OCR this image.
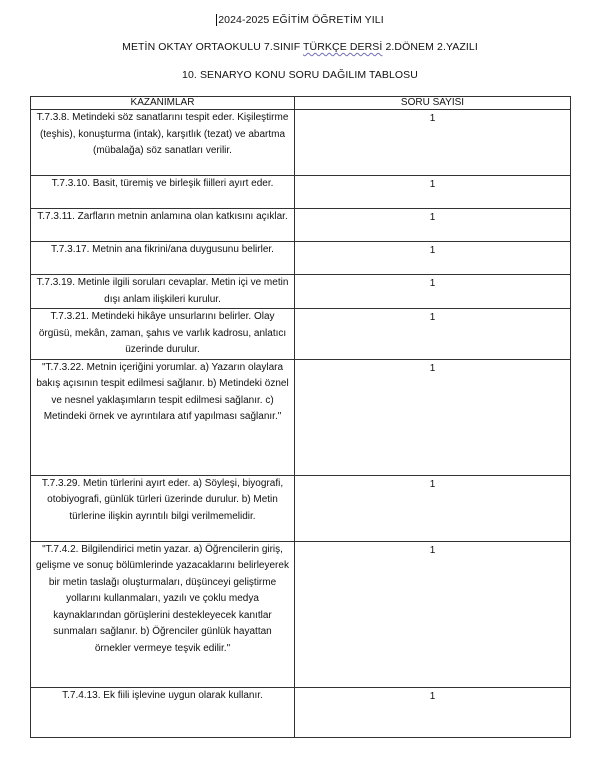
2024-2025 EĞİTİM ÖĞRETİM YILI
METİN OKTAY ORTAOKULU 7.SINIF TÜRKÇE DERSİ 2.DÖNEM 2.YAZILI
10. SENARYO KONU SORU DAĞILIM TABLOSU
KAZANIMLAR	SORU SAYISI
T.7.3.8. Metindeki söz sanatlarını tespit eder. Kişileştirme (teşhis), konuşturma (intak), karşıtlık (tezat) ve abartma (mübalağa) söz sanatları verilir.	1
T.7.3.10. Basit, türemiş ve birleşik fiilleri ayırt eder.	1
T.7.3.11. Zarfların metnin anlamına olan katkısını açıklar.	1
T.7.3.17. Metnin ana fikrini/ana duygusunu belirler.	1
T.7.3.19. Metinle ilgili soruları cevaplar. Metin içi ve metin dışı anlam ilişkileri kurulur.	1
T.7.3.21. Metindeki hikâye unsurlarını belirler. Olay örgüsü, mekân, zaman, şahıs ve varlık kadrosu, anlatıcı üzerinde durulur.	1
"T.7.3.22. Metnin içeriğini yorumlar. a) Yazarın olaylara bakış açısının tespit edilmesi sağlanır. b) Metindeki öznel ve nesnel yaklaşımların tespit edilmesi sağlanır. c) Metindeki örnek ve ayrıntılara atıf yapılması sağlanır."	1
T.7.3.29. Metin türlerini ayırt eder. a) Söyleşi, biyografi, otobiyografi, günlük türleri üzerinde durulur. b) Metin türlerine ilişkin ayrıntılı bilgi verilmemelidir.	1
"T.7.4.2. Bilgilendirici metin yazar. a) Öğrencilerin giriş, gelişme ve sonuç bölümlerinde yazacaklarını belirleyerek bir metin taslağı oluşturmaları, düşünceyi geliştirme yollarını kullanmaları, yazılı ve çoklu medya kaynaklarından görüşlerini destekleyecek kanıtlar sunmaları sağlanır. b) Öğrenciler günlük hayattan örnekler vermeye teşvik edilir."	1
T.7.4.13. Ek fiili işlevine uygun olarak kullanır.	1
